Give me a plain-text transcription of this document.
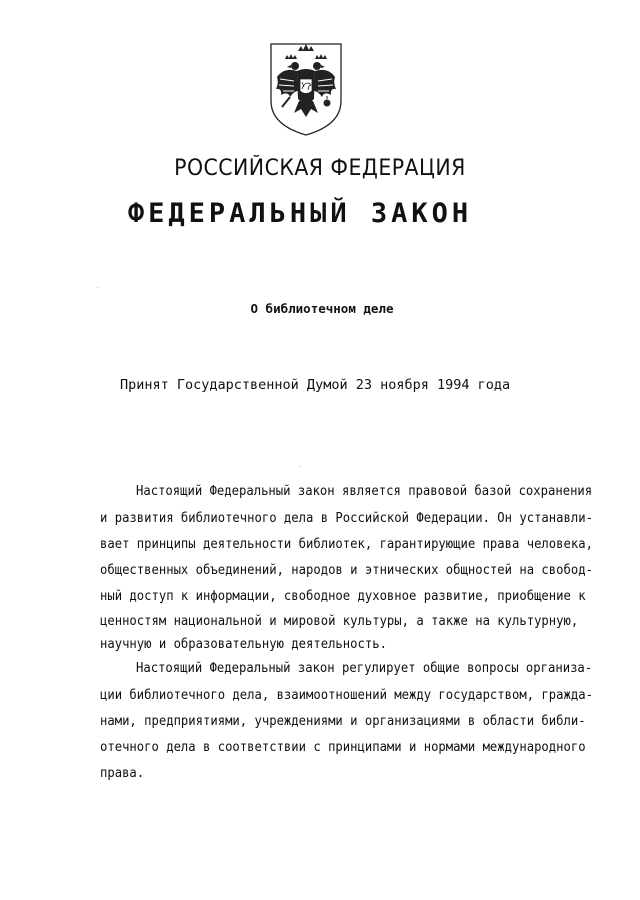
РОССИЙСКАЯ ФЕДЕРАЦИЯ
ФЕДЕРАЛЬНЫЙ ЗАКОН
О библиотечном деле
Принят Государственной Думой 23 ноября 1994 года
Настоящий Федеральный закон является правовой базой сохранения
и развития библиотечного дела в Российской Федерации. Он устанавли-
вает принципы деятельности библиотек, гарантирующие права человека,
общественных объединений, народов и этнических общностей на свобод-
ный доступ к информации, свободное духовное развитие, приобщение к
ценностям национальной и мировой культуры, а также на культурную,
научную и образовательную деятельность.
Настоящий Федеральный закон регулирует общие вопросы организа-
ции библиотечного дела, взаимоотношений между государством, гражда-
нами, предприятиями, учреждениями и организациями в области библи-
отечного дела в соответствии с принципами и нормами международного
права.
